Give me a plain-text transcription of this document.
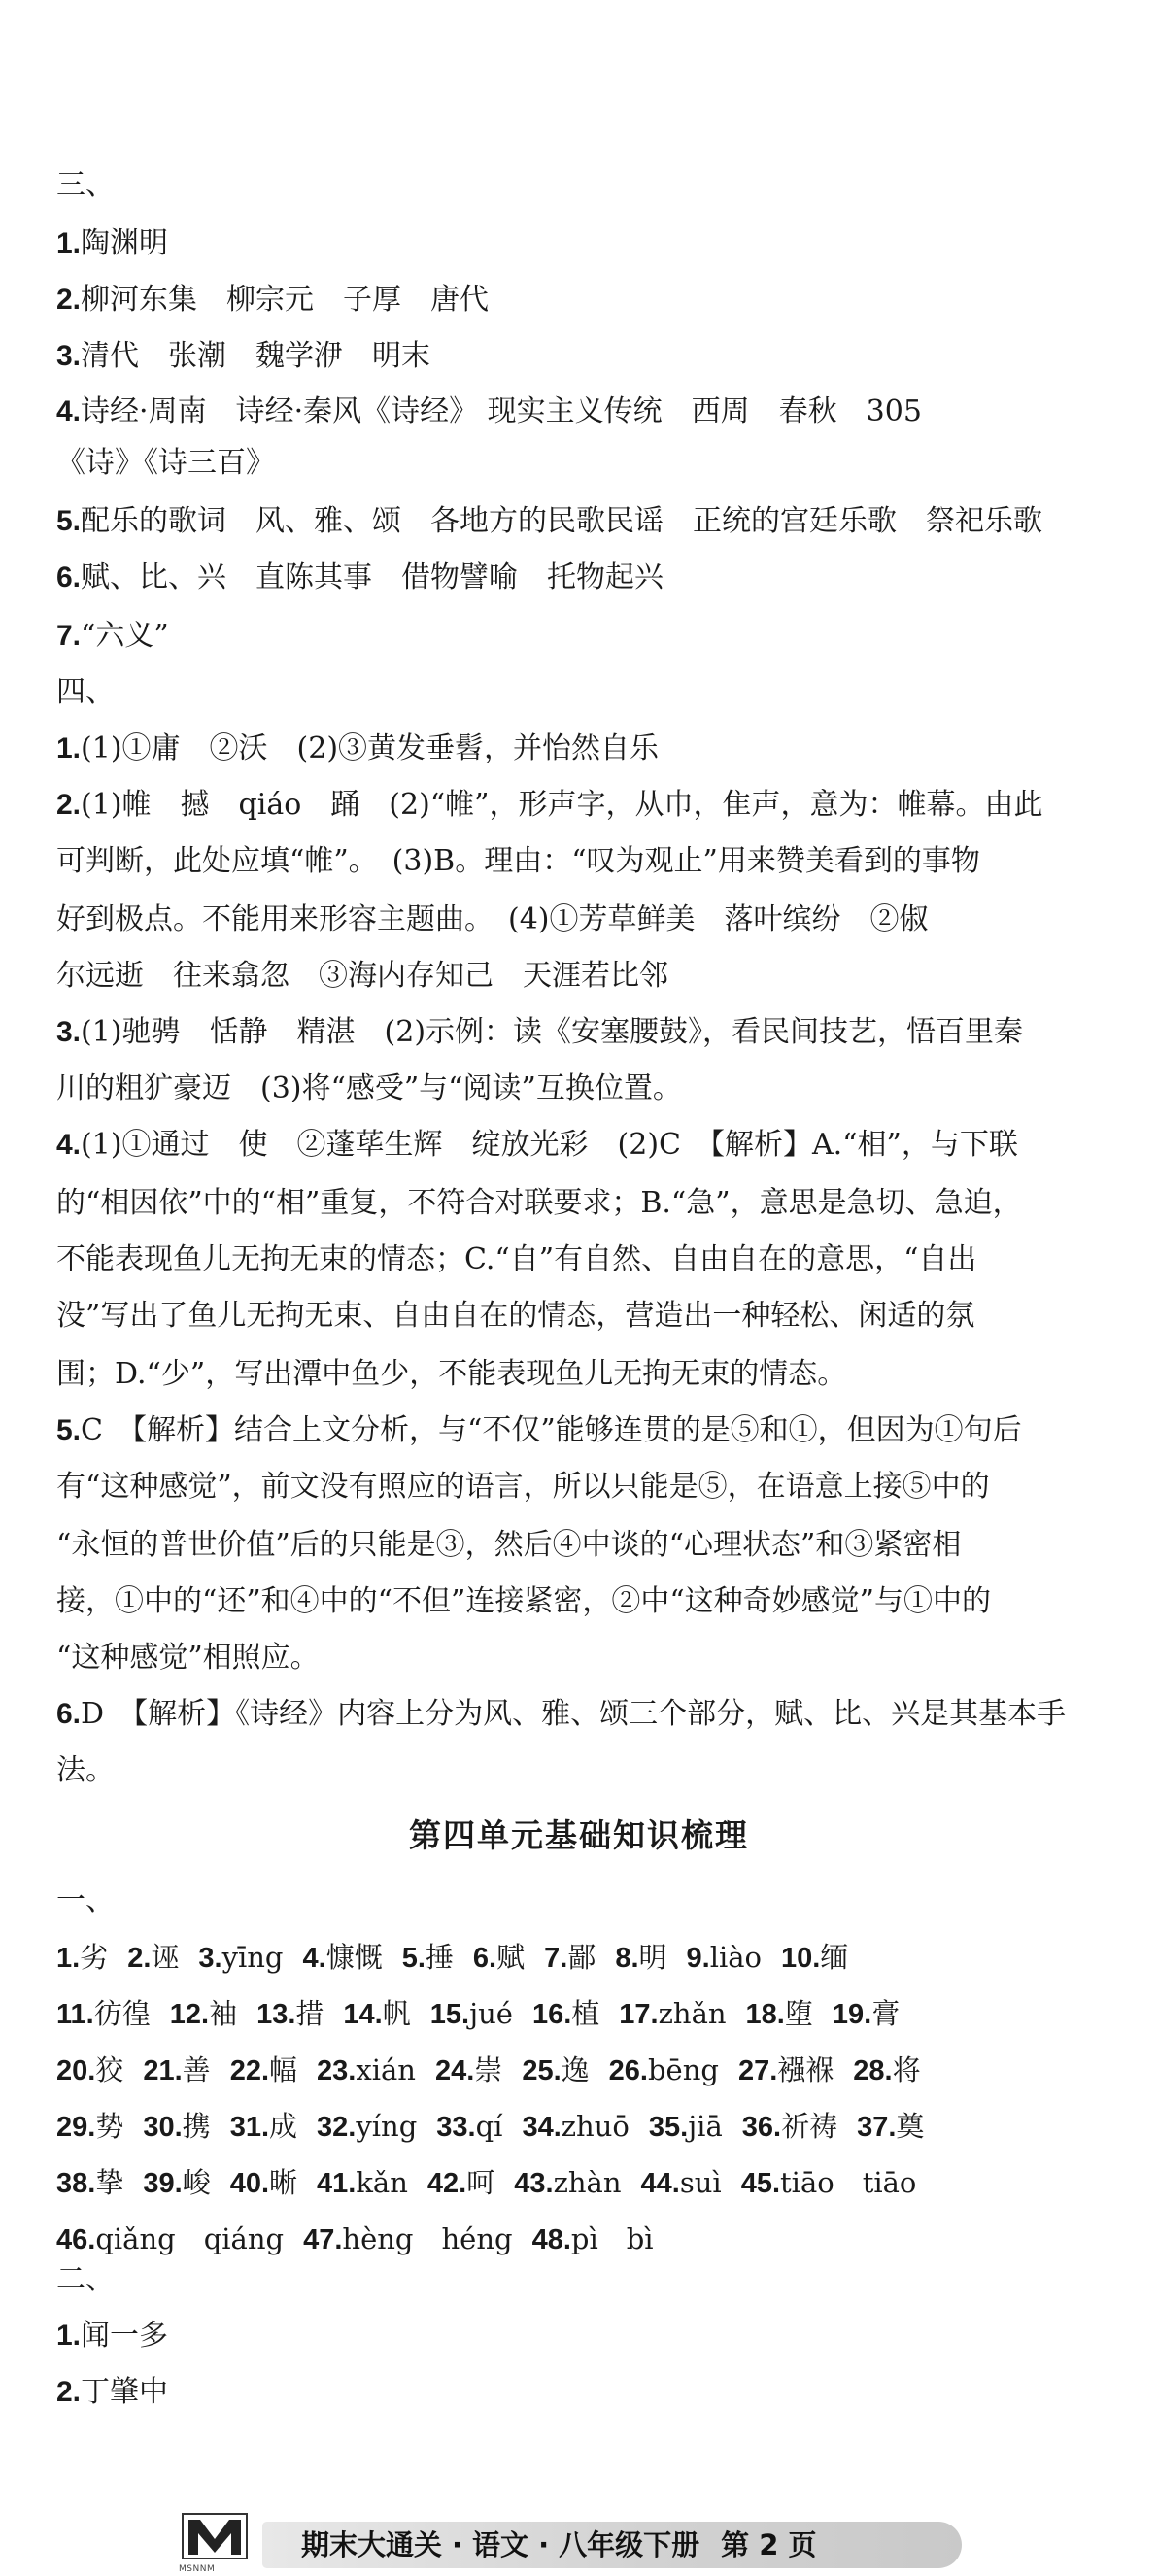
三、
1.陶渊明
2.柳河东集　柳宗元　子厚　唐代
3.清代　张潮　魏学洢　明末
4.诗经·周南　诗经·秦风《诗经》 现实主义传统　西周　春秋　305
《诗》《诗三百》
5.配乐的歌词　风、雅、颂　各地方的民歌民谣　正统的宫廷乐歌　祭祀乐歌
6.赋、比、兴　直陈其事　借物譬喻　托物起兴
7.“六义”
四、
1.(1)①庸　②沃　(2)③黄发垂髫，并怡然自乐
2.(1)帷　撼　qiáo　踊　(2)“帷”，形声字，从巾，隹声，意为：帷幕。由此
可判断，此处应填“帷”。　(3)B。理由：“叹为观止”用来赞美看到的事物
好到极点。不能用来形容主题曲。　(4)①芳草鲜美　落叶缤纷　②俶
尔远逝　往来翕忽　③海内存知己　天涯若比邻
3.(1)驰骋　恬静　精湛　(2)示例：读《安塞腰鼓》，看民间技艺，悟百里秦
川的粗犷豪迈　(3)将“感受”与“阅读”互换位置。
4.(1)①通过　使　②蓬荜生辉　绽放光彩　(2)C　【解析】A.“相”，与下联
的“相因依”中的“相”重复，不符合对联要求；B.“急”，意思是急切、急迫，
不能表现鱼儿无拘无束的情态；C.“自”有自然、自由自在的意思，“自出
没”写出了鱼儿无拘无束、自由自在的情态，营造出一种轻松、闲适的氛
围；D.“少”，写出潭中鱼少，不能表现鱼儿无拘无束的情态。
5.C　【解析】结合上文分析，与“不仅”能够连贯的是⑤和①，但因为①句后
有“这种感觉”，前文没有照应的语言，所以只能是⑤，在语意上接⑤中的
“永恒的普世价值”后的只能是③，然后④中谈的“心理状态”和③紧密相
接，①中的“还”和④中的“不但”连接紧密，②中“这种奇妙感觉”与①中的
“这种感觉”相照应。
6.D　【解析】《诗经》内容上分为风、雅、颂三个部分，赋、比、兴是其基本手
法。
第四单元基础知识梳理
一、
1.劣 2.诬 3.yīng 4.慷慨 5.捶 6.赋 7.鄙 8.明 9.liào 10.缅
11.彷徨 12.袖 13.措 14.帆 15.jué 16.植 17.zhǎn 18.堕 19.膏
20.狡 21.善 22.幅 23.xián 24.崇 25.逸 26.bēng 27.襁褓 28.将
29.势 30.携 31.成 32.yíng 33.qí 34.zhuō 35.jiā 36.祈祷 37.奠
38.挚 39.峻 40.晰 41.kǎn 42.呵 43.zhàn 44.suì 45.tiāo　tiāo
46.qiǎng　qiáng 47.hèng　héng 48.pì　bì
二、
1.闻一多
2.丁肇中
MSNNM
期末大通关 · 语文 · 八年级下册 第 2 页
